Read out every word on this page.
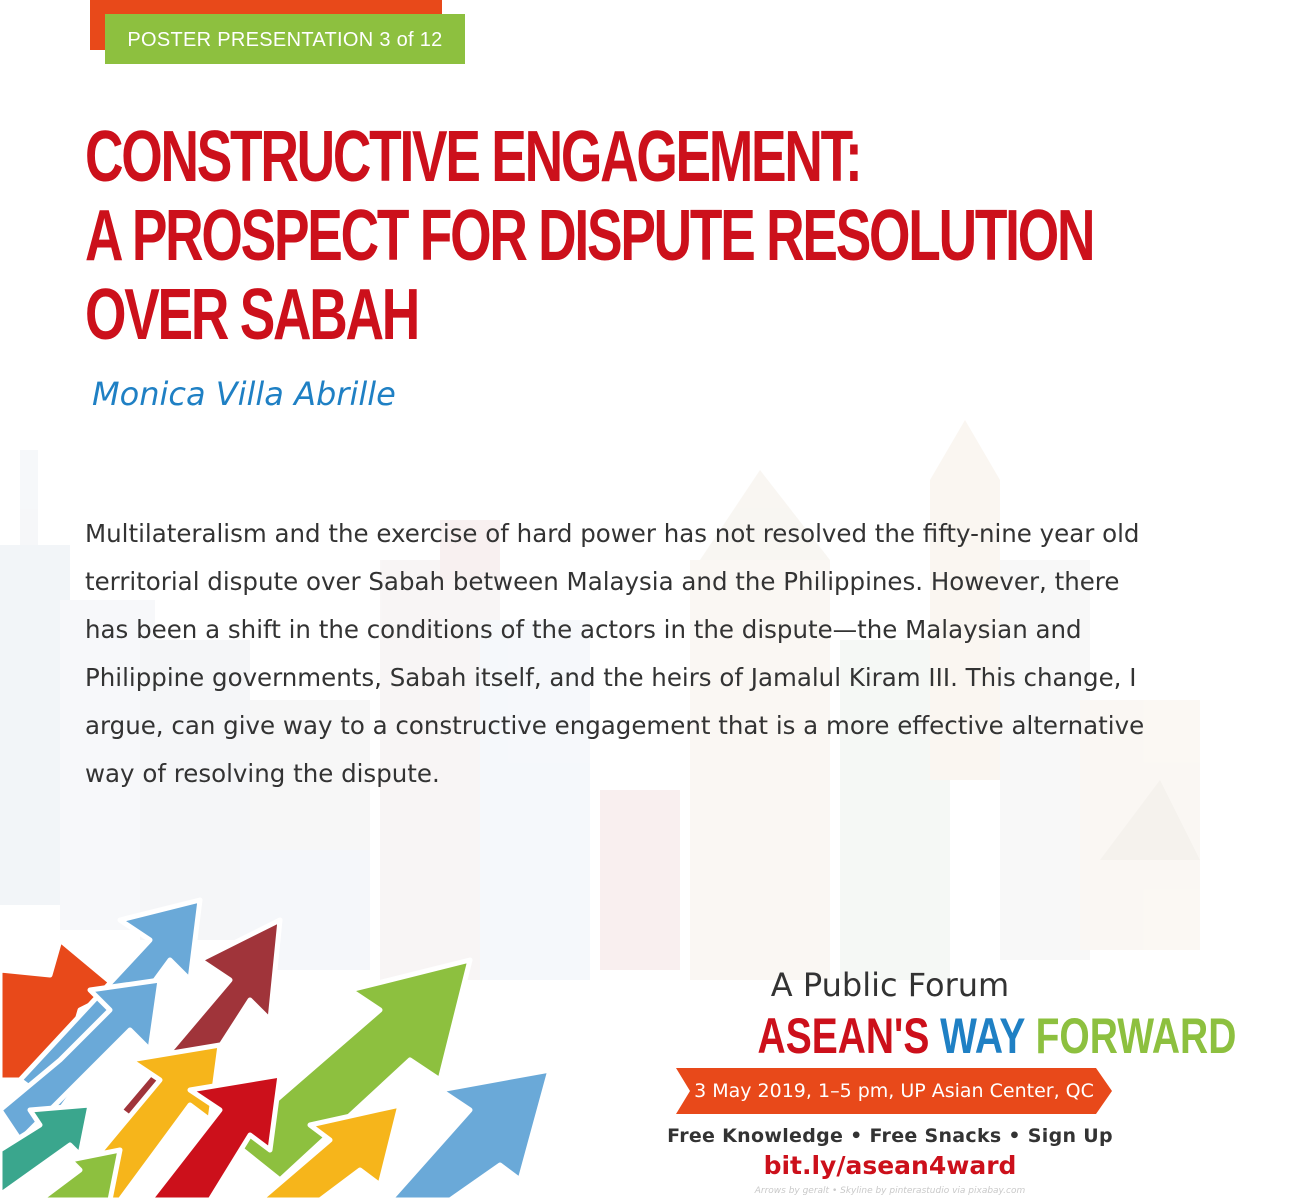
POSTER PRESENTATION 3 of 12
CONSTRUCTIVE ENGAGEMENT:
A PROSPECT FOR DISPUTE RESOLUTION
OVER SABAH
Monica Villa Abrille

Multilateralism and the exercise of hard power has not resolved the fifty-nine year old territorial dispute over Sabah between Malaysia and the Philippines. However, there has been a shift in the conditions of the actors in the dispute—the Malaysian and Philippine governments, Sabah itself, and the heirs of Jamalul Kiram III. This change, I argue, can give way to a constructive engagement that is a more effective alternative way of resolving the dispute.

A Public Forum
ASEAN'S WAY FORWARD
3 May 2019, 1–5 pm, UP Asian Center, QC
Free Knowledge • Free Snacks • Sign Up
bit.ly/asean4ward
Arrows by geralt • Skyline by pinterastudio via pixabay.com
